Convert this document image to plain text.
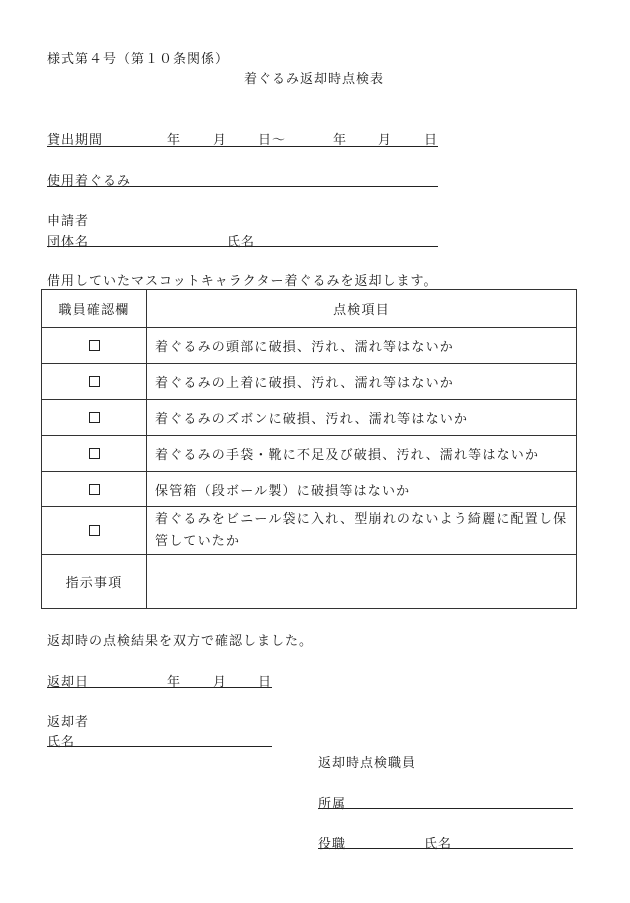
様式第４号（第１０条関係）
着ぐるみ返却時点検表
貸出期間	年 月 日～	年 月 日
使用着ぐるみ
申請者
団体名	氏名
借用していたマスコットキャラクター着ぐるみを返却します。
職員確認欄	点検項目
	着ぐるみの頭部に破損、汚れ、濡れ等はないか
	着ぐるみの上着に破損、汚れ、濡れ等はないか
	着ぐるみのズボンに破損、汚れ、濡れ等はないか
	着ぐるみの手袋・靴に不足及び破損、汚れ、濡れ等はないか
	保管箱（段ボール製）に破損等はないか
	着ぐるみをビニール袋に入れ、型崩れのないよう綺麗に配置し保管していたか
指示事項	
返却時の点検結果を双方で確認しました。
返却日	年 月 日
返却者
氏名
返却時点検職員
所属
役職	氏名
